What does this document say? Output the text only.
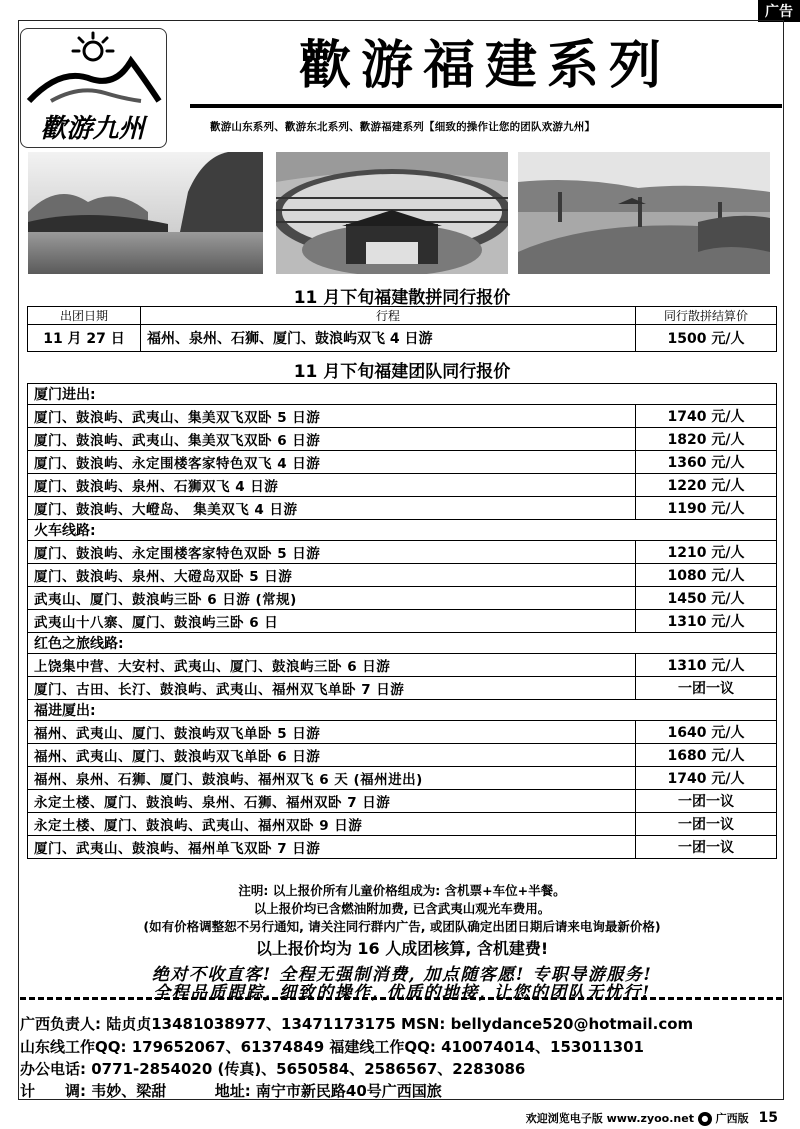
广告
歡游九州
歡游福建系列
歡游山东系列、歡游东北系列、歡游福建系列【细致的操作让您的团队欢游九州】
11 月下旬福建散拼同行报价
出团日期	行程	同行散拼结算价
11 月 27 日	福州、泉州、石狮、厦门、鼓浪屿双飞 4 日游	1500 元/人
11 月下旬福建团队同行报价
厦门进出:	
厦门、鼓浪屿、武夷山、集美双飞双卧 5 日游	1740 元/人
厦门、鼓浪屿、武夷山、集美双飞双卧 6 日游	1820 元/人
厦门、鼓浪屿、永定围楼客家特色双飞 4 日游	1360 元/人
厦门、鼓浪屿、泉州、石狮双飞 4 日游	1220 元/人
厦门、鼓浪屿、大嶝岛、 集美双飞 4 日游	1190 元/人
火车线路:	
厦门、鼓浪屿、永定围楼客家特色双卧 5 日游	1210 元/人
厦门、鼓浪屿、泉州、大磴岛双卧 5 日游	1080 元/人
武夷山、厦门、鼓浪屿三卧 6 日游 (常规)	1450 元/人
武夷山十八寨、厦门、鼓浪屿三卧 6 日	1310 元/人
红色之旅线路:	
上饶集中营、大安村、武夷山、厦门、鼓浪屿三卧 6 日游	1310 元/人
厦门、古田、长汀、鼓浪屿、武夷山、福州双飞单卧 7 日游	一团一议
福进厦出:	
福州、武夷山、厦门、鼓浪屿双飞单卧 5 日游	1640 元/人
福州、武夷山、厦门、鼓浪屿双飞单卧 6 日游	1680 元/人
福州、泉州、石狮、厦门、鼓浪屿、福州双飞 6 天 (福州进出)	1740 元/人
永定土楼、厦门、鼓浪屿、泉州、石狮、福州双卧 7 日游	一团一议
永定土楼、厦门、鼓浪屿、武夷山、福州双卧 9 日游	一团一议
厦门、武夷山、鼓浪屿、福州单飞双卧 7 日游	一团一议
注明: 以上报价所有儿童价格组成为: 含机票+车位+半餐。
以上报价均已含燃油附加费, 已含武夷山观光车费用。
(如有价格调整恕不另行通知, 请关注同行群内广告, 或团队确定出团日期后请来电询最新价格)
以上报价均为 16 人成团核算, 含机建费!
绝对不收直客! 全程无强制消费, 加点随客愿! 专职导游服务!
全程品质跟踪, 细致的操作, 优质的地接, 让您的团队无忧行!
广西负责人: 陆贞贞13481038977、13471173175 MSN: bellydance520@hotmail.com
山东线工作QQ: 179652067、61374849 福建线工作QQ: 410074014、153011301
办公电话: 0771-2854020 (传真)、5650584、2586567、2283086
计　　调: 韦妙、梁甜	地址: 南宁市新民路40号广西国旅
欢迎浏览电子版 www.zyoo.net ● 广西版 15
